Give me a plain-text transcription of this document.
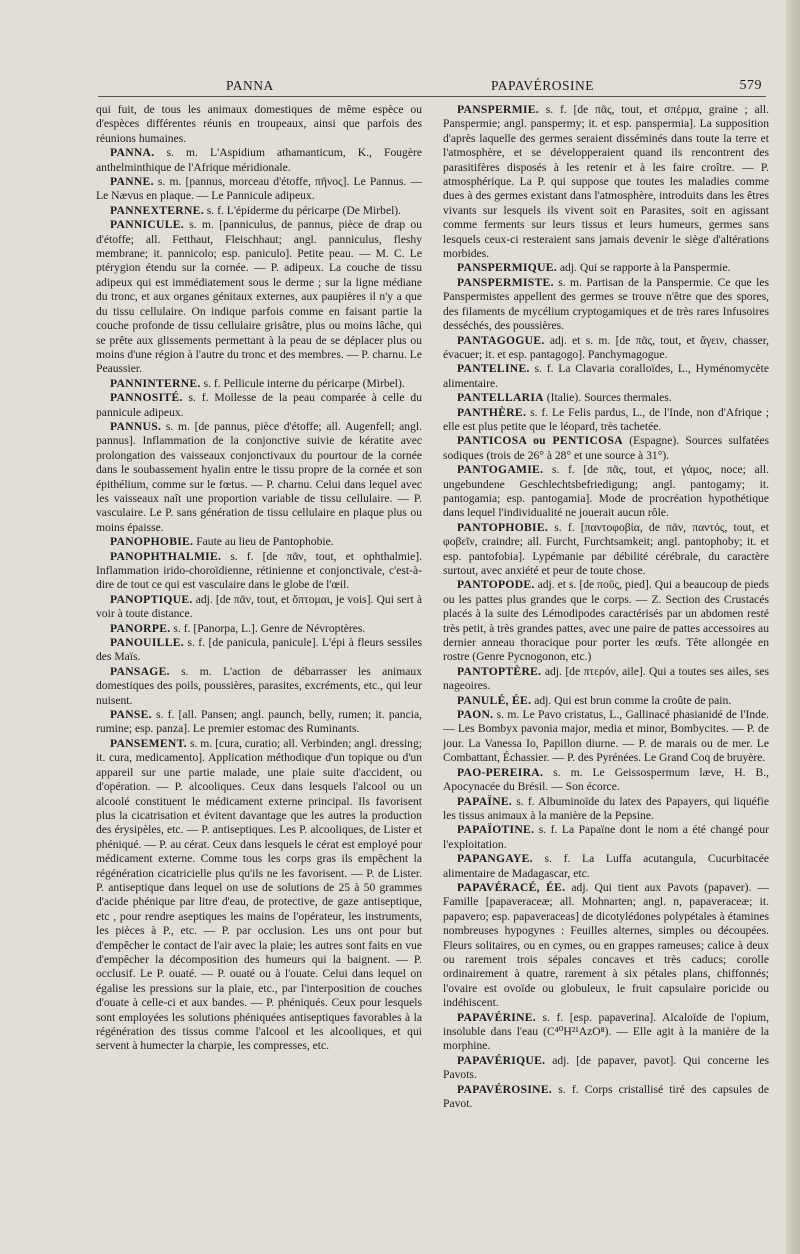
PANNA	PAPAVÉROSINE	579

qui fuit, de tous les animaux domestiques de même espèce ou d'espèces différentes réunis en troupeaux, ainsi que parfois des réunions humaines.

PANNA. s. m. L'Aspidium athamanticum, K., Fougère anthelminthique de l'Afrique méridionale.

PANNE. s. m. [pannus, morceau d'étoffe, πῆνος]. Le Pannus. — Le Nævus en plaque. — Le Pannicule adipeux.

PANNEXTERNE. s. f. L'épiderme du péricarpe (De Mirbel).

PANNICULE. s. m. [panniculus, de pannus, pièce de drap ou d'étoffe; all. Fetthaut, Fleischhaut; angl. panniculus, fleshy membrane; it. pannicolo; esp. paniculo]. Petite peau. — M. C. Le ptérygion étendu sur la cornée. — P. adipeux. La couche de tissu adipeux qui est immédiatement sous le derme ; sur la ligne médiane du tronc, et aux organes génitaux externes, aux paupières il n'y a que du tissu cellulaire. On indique parfois comme en faisant partie la couche profonde de tissu cellulaire grisâtre, plus ou moins lâche, qui se prête aux glissements permettant à la peau de se déplacer plus ou moins d'une région à l'autre du tronc et des membres. — P. charnu. Le Peaussier.

PANNINTERNE. s. f. Pellicule interne du péricarpe (Mirbel).

PANNOSITÉ. s. f. Mollesse de la peau comparée à celle du pannicule adipeux.

PANNUS. s. m. [de pannus, pièce d'étoffe; all. Augenfell; angl. pannus]. Inflammation de la conjonctive suivie de kératite avec prolongation des vaisseaux conjonctivaux du pourtour de la cornée dans le soubassement hyalin entre le tissu propre de la cornée et son épithélium, comme sur le fœtus. — P. charnu. Celui dans lequel avec les vaisseaux naît une proportion variable de tissu cellulaire. — P. vasculaire. Le P. sans génération de tissu cellulaire en plaque plus ou moins épaisse.

PANOPHOBIE. Faute au lieu de Pantophobie.

PANOPHTHALMIE. s. f. [de πᾶν, tout, et ophthalmie]. Inflammation irido-choroïdienne, rétinienne et conjonctivale, c'est-à-dire de tout ce qui est vasculaire dans le globe de l'œil.

PANOPTIQUE. adj. [de πᾶν, tout, et ὄπτομαι, je vois]. Qui sert à voir à toute distance.

PANORPE. s. f. [Panorpa, L.]. Genre de Névroptères.

PANOUILLE. s. f. [de panicula, panicule]. L'épi à fleurs sessiles des Maïs.

PANSAGE. s. m. L'action de débarrasser les animaux domestiques des poils, poussières, parasites, excréments, etc., qui leur nuisent.

PANSE. s. f. [all. Pansen; angl. paunch, belly, rumen; it. pancia, rumine; esp. panza]. Le premier estomac des Ruminants.

PANSEMENT. s. m. [cura, curatio; all. Verbinden; angl. dressing; it. cura, medicamento]. Application méthodique d'un topique ou d'un appareil sur une partie malade, une plaie suite d'accident, ou d'opération. — P. alcooliques. Ceux dans lesquels l'alcool ou un alcoolé constituent le médicament externe principal. Ils favorisent plus la cicatrisation et évitent davantage que les autres la production des érysipèles, etc. — P. antiseptiques. Les P. alcooliques, de Lister et phéniqué. — P. au cérat. Ceux dans lesquels le cérat est employé pour médicament externe. Comme tous les corps gras ils empêchent la régénération cicatricielle plus qu'ils ne les favorisent. — P. de Lister. P. antiseptique dans lequel on use de solutions de 25 à 50 grammes d'acide phénique par litre d'eau, de protective, de gaze antiseptique, etc , pour rendre aseptiques les mains de l'opérateur, les instruments, les pièces à P., etc. — P. par occlusion. Les uns ont pour but d'empêcher le contact de l'air avec la plaie; les autres sont faits en vue d'empêcher la décomposition des humeurs qui la baignent. — P. occlusif. Le P. ouaté. — P. ouaté ou à l'ouate. Celui dans lequel on égalise les pressions sur la plaie, etc., par l'interposition de couches d'ouate à celle-ci et aux bandes. — P. phéniqués. Ceux pour lesquels sont employées les solutions phéniquées antiseptiques favorables à la régénération des tissus comme l'alcool et les alcooliques, et qui servent à humecter la charpie, les compresses, etc.

PANSPERMIE. s. f. [de πᾶς, tout, et σπέρμα, graine ; all. Panspermie; angl. panspermy; it. et esp. panspermia]. La supposition d'après laquelle des germes seraient disséminés dans toute la terre et l'atmosphère, et se développeraient quand ils rencontrent des parasitifères disposés à les retenir et à les faire croître. — P. atmosphérique. La P. qui suppose que toutes les maladies comme dues à des germes existant dans l'atmosphère, introduits dans les êtres vivants sur lesquels ils vivent soit en Parasites, soit en agissant comme ferments sur leurs tissus et leurs humeurs, germes sans lesquels ceux-ci resteraient sans jamais devenir le siège d'altérations morbides.

PANSPERMIQUE. adj. Qui se rapporte à la Panspermie.

PANSPERMISTE. s. m. Partisan de la Panspermie. Ce que les Panspermistes appellent des germes se trouve n'être que des spores, des filaments de mycélium cryptogamiques et de très rares Infusoires desséchés, des poussières.

PANTAGOGUE. adj. et s. m. [de πᾶς, tout, et ἄγειν, chasser, évacuer; it. et esp. pantagogo]. Panchymagogue.

PANTELINE. s. f. La Clavaria coralloïdes, L., Hyménomycète alimentaire.

PANTELLARIA (Italie). Sources thermales.

PANTHÈRE. s. f. Le Felis pardus, L., de l'Inde, non d'Afrique ; elle est plus petite que le léopard, très tachetée.

PANTICOSA ou PENTICOSA (Espagne). Sources sulfatées sodiques (trois de 26° à 28° et une source à 31°).

PANTOGAMIE. s. f. [de πᾶς, tout, et γάμος, noce; all. ungebundene Geschlechtsbefriedigung; angl. pantogamy; it. pantogamia; esp. pantogamia]. Mode de procréation hypothétique dans lequel l'individualité ne jouerait aucun rôle.

PANTOPHOBIE. s. f. [παντοφοβία, de πᾶν, παντός, tout, et φοβεῖν, craindre; all. Furcht, Furchtsamkeit; angl. pantophoby; it. et esp. pantofobia]. Lypémanie par débilité cérébrale, du caractère surtout, avec anxiété et peur de toute chose.

PANTOPODE. adj. et s. [de ποῦς, pied]. Qui a beaucoup de pieds ou les pattes plus grandes que le corps. — Z. Section des Crustacés placés à la suite des Lémodipodes caractérisés par un abdomen resté très petit, à très grandes pattes, avec une paire de pattes accessoires au dernier anneau thoracique pour porter les œufs. Tête allongée en rostre (Genre Pycnogonon, etc.)

PANTOPTÈRE. adj. [de πτερόν, aile]. Qui a toutes ses ailes, ses nageoires.

PANULÉ, ÉE. adj. Qui est brun comme la croûte de pain.

PAON. s. m. Le Pavo cristatus, L., Gallinacé phasianidé de l'Inde. — Les Bombyx pavonia major, media et minor, Bombycites. — P. de jour. La Vanessa Io, Papillon diurne. — P. de marais ou de mer. Le Combattant, Échassier. — P. des Pyrénées. Le Grand Coq de bruyère.

PAO-PEREIRA. s. m. Le Geissospermum læve, H. B., Apocynacée du Brésil. — Son écorce.

PAPAÏNE. s. f. Albuminoïde du latex des Papayers, qui liquéfie les tissus animaux à la manière de la Pepsine.

PAPAÏOTINE. s. f. La Papaïne dont le nom a été changé pour l'exploitation.

PAPANGAYE. s. f. La Luffa acutangula, Cucurbitacée alimentaire de Madagascar, etc.

PAPAVÉRACÉ, ÉE. adj. Qui tient aux Pavots (papaver). — Famille [papaveraceæ; all. Mohnarten; angl. n, papaveraceæ; it. papavero; esp. papaveraceas] de dicotylédones polypétales à étamines nombreuses hypogynes : Feuilles alternes, simples ou découpées. Fleurs solitaires, ou en cymes, ou en grappes rameuses; calice à deux ou rarement trois sépales concaves et très caducs; corolle ordinairement à quatre, rarement à six pétales plans, chiffonnés; l'ovaire est ovoïde ou globuleux, le fruit capsulaire poricide ou indéhiscent.

PAPAVÉRINE. s. f. [esp. papaverina]. Alcaloïde de l'opium, insoluble dans l'eau (C⁴⁰H²¹AzO⁸). — Elle agit à la manière de la morphine.

PAPAVÉRIQUE. adj. [de papaver, pavot]. Qui concerne les Pavots.

PAPAVÉROSINE. s. f. Corps cristallisé tiré des capsules de Pavot.
